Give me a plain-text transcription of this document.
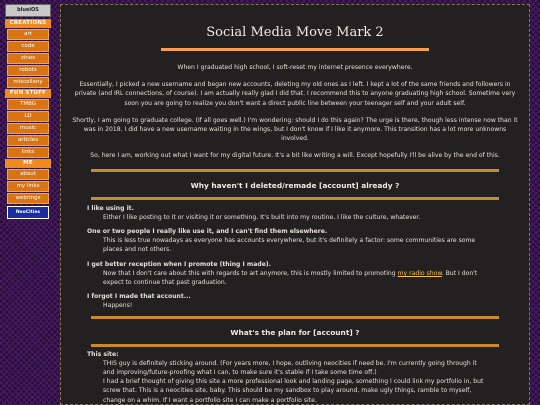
blueiOS
CREATIONS
art
code
zines
robots
miscellany
FUN STUFF
TMBG
LD
music
articles
links
ME
about
my links
webrings
NeoCities
Social Media Move Mark 2

When I graduated high school, I soft-reset my internet presence everywhere.

Essentially, I picked a new username and began new accounts, deleting my old ones as I left. I kept a lot of the same friends and followers in private (and IRL connections, of course). I am actually really glad I did that. I recommend this to anyone graduating high school. Sometime very soon you are going to realize you don't want a direct public line between your teenager self and your adult self.

Shortly, I am going to graduate college. (If all goes well.) I'm wondering: should I do this again? The urge is there, though less intense now than it was in 2018. I did have a new username waiting in the wings, but I don't know if I like it anymore. This transition has a lot more unknowns involved.

So, here I am, working out what I want for my digital future. It's a bit like writing a will. Except hopefully I'll be alive by the end of this.

Why haven't I deleted/remade [account] already ?
I like using it.
Either I like posting to it or visiting it or something. It's built into my routine, I like the culture, whatever.
One or two people I really like use it, and I can't find them elsewhere.
This is less true nowadays as everyone has accounts everywhere, but it's definitely a factor: some communities are some places and not others.
I get better reception when I promote (thing I made).
Now that I don't care about this with regards to art anymore, this is mostly limited to promoting my radio show. But I don't expect to continue that past graduation.
I forgot I made that account...
Happens!
What's the plan for [account] ?
This site:
THIS guy is definitely sticking around. (For years more, I hope, outliving neocities if need be. I'm currently going through it and improving/future-proofing what I can, to make sure it's stable if I take some time off.)
I had a brief thought of giving this site a more professional look and landing page, something I could link my portfolio in, but screw that. This is a neocities site, baby. This should be my sandbox to play around, make ugly things, ramble to myself, change on a whim. If I want a portfolio site I can make a portfolio site.
